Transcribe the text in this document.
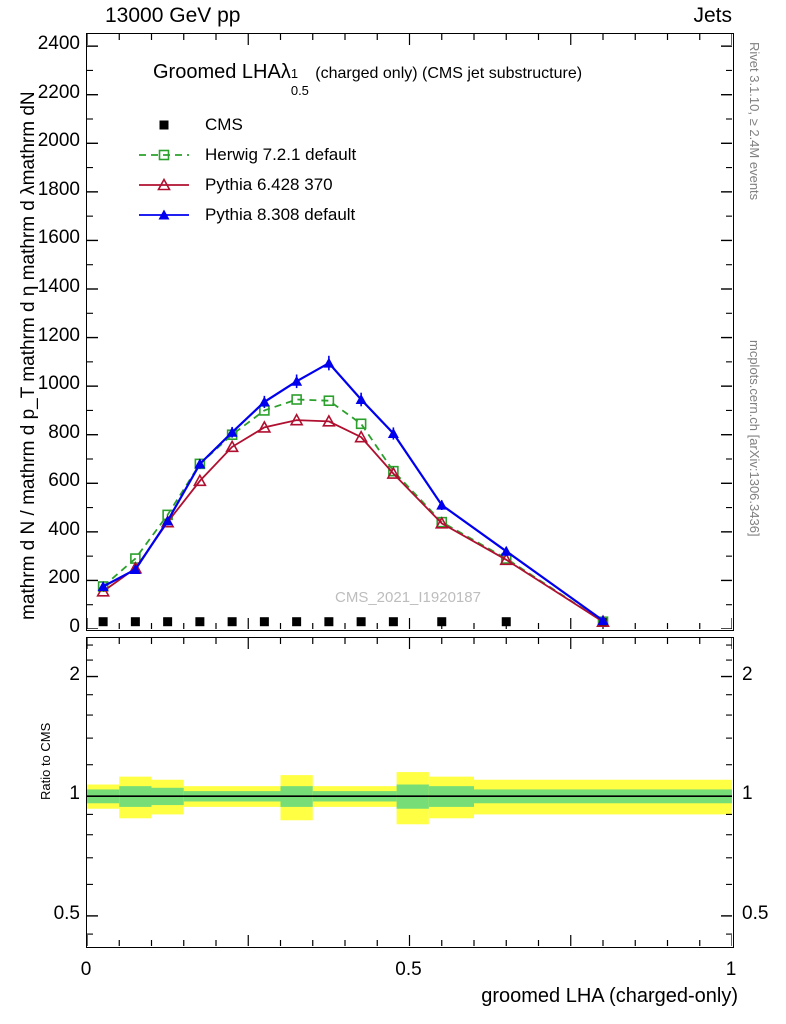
13000 GeV pp	Jets
0
200
400
600
800
1000
1200
1400
1600
1800
2000
2200
2400
0.5	0.5
1	1
2	2
0	0.5	1
mathrm d N / mathrm d p_T mathrm d η mathrm d λmathrm dN
Ratio to CMS
groomed LHA (charged-only)
Rivet 3.1.10, ≥ 2.4M events
mcplots.cern.ch [arXiv:1306.3436]
Groomed LHAλ 1
0.5
(charged only) (CMS jet substructure)
CMS_2021_I1920187
CMS
Herwig 7.2.1 default
Pythia 6.428 370
Pythia 8.308 default
